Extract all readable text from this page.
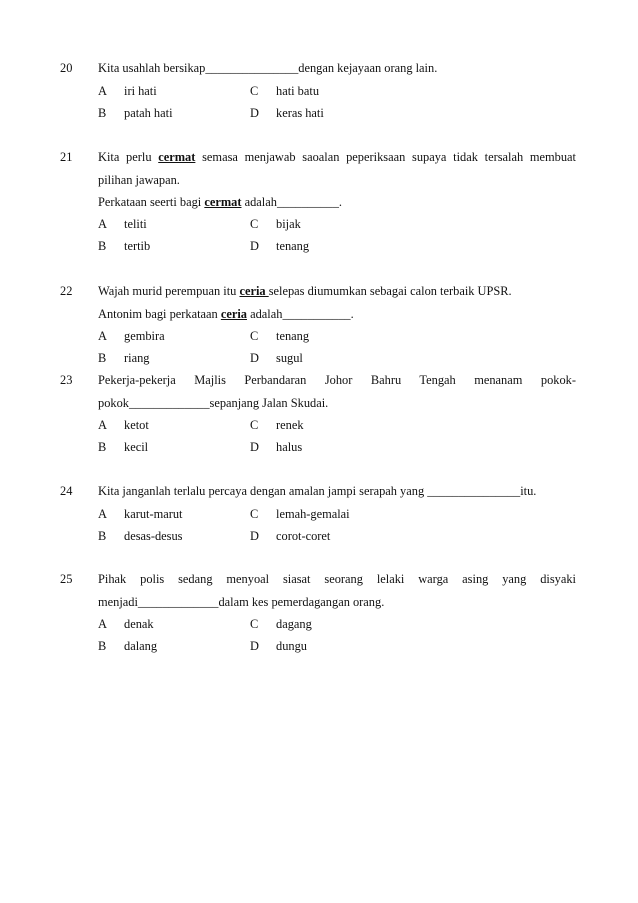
20 Kita usahlah bersikap_______________dengan kejayaan orang lain.
A iri hati	C hati batu
B patah hati	D keras hati
21 Kita perlu cermat semasa menjawab saoalan peperiksaan supaya tidak tersalah membuat
pilihan jawapan.
Perkataan seerti bagi cermat adalah__________.
A teliti	C bijak
B tertib	D tenang
22 Wajah murid perempuan itu ceria selepas diumumkan sebagai calon terbaik UPSR.
Antonim bagi perkataan ceria adalah___________.
A gembira	C tenang
B riang	D sugul
23 Pekerja-pekerja Majlis Perbandaran Johor Bahru Tengah menanam pokok-
pokok_____________sepanjang Jalan Skudai.
A ketot	C renek
B kecil	D halus
24 Kita janganlah terlalu percaya dengan amalan jampi serapah yang _______________itu.
A karut-marut	C lemah-gemalai
B desas-desus	D corot-coret
25 Pihak polis sedang menyoal siasat seorang lelaki warga asing yang disyaki
menjadi_____________dalam kes pemerdagangan orang.
A denak	C dagang
B dalang	D dungu
